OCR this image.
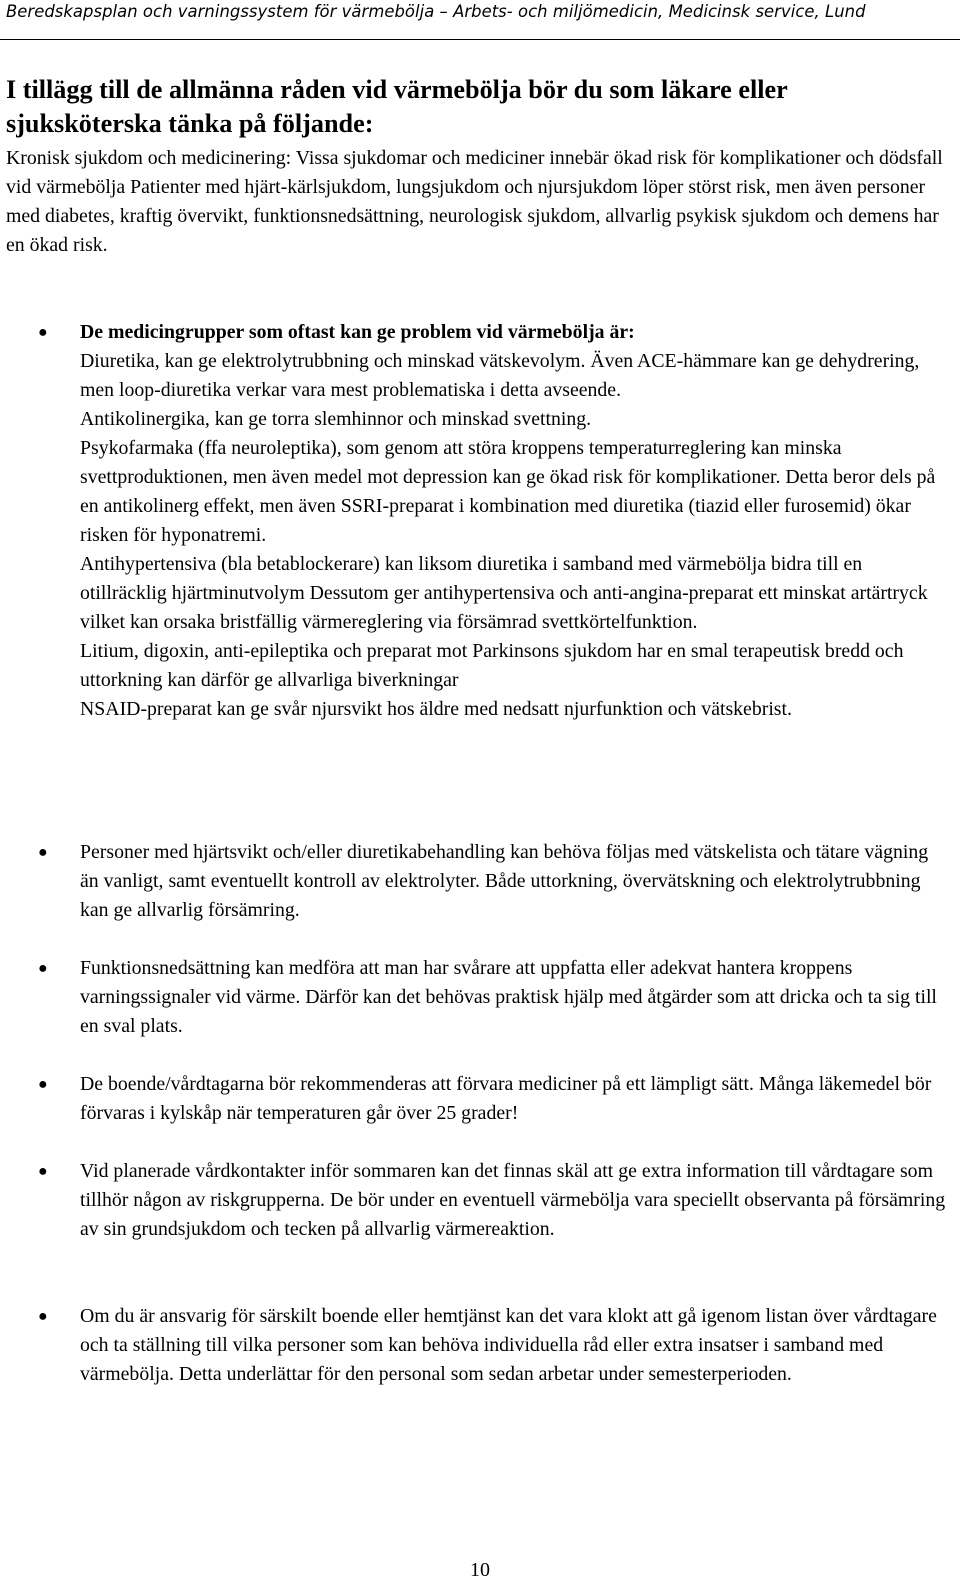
Beredskapsplan och varningssystem för värmebölja – Arbets- och miljömedicin, Medicinsk service, Lund
I tillägg till de allmänna råden vid värmebölja bör du som läkare eller sjuksköterska tänka på följande:

Kronisk sjukdom och medicinering: Vissa sjukdomar och mediciner innebär ökad risk för komplikationer och dödsfall vid värmebölja Patienter med hjärt-kärlsjukdom, lungsjukdom och njursjukdom löper störst risk, men även personer med diabetes, kraftig övervikt, funktionsnedsättning, neurologisk sjukdom, allvarlig psykisk sjukdom och demens har en ökad risk.

● De medicingrupper som oftast kan ge problem vid värmebölja är:

Diuretika, kan ge elektrolytrubbning och minskad vätskevolym. Även ACE-hämmare kan ge dehydrering, men loop-diuretika verkar vara mest problematiska i detta avseende.

Antikolinergika, kan ge torra slemhinnor och minskad svettning.

Psykofarmaka (ffa neuroleptika), som genom att störa kroppens temperaturreglering kan minska svettproduktionen, men även medel mot depression kan ge ökad risk för komplikationer. Detta beror dels på en antikolinerg effekt, men även SSRI-preparat i kombination med diuretika (tiazid eller furosemid) ökar risken för hyponatremi.

Antihypertensiva (bla betablockerare) kan liksom diuretika i samband med värmebölja bidra till en otillräcklig hjärtminutvolym Dessutom ger antihypertensiva och anti-angina-preparat ett minskat artärtryck vilket kan orsaka bristfällig värmereglering via försämrad svettkörtelfunktion.

Litium, digoxin, anti-epileptika och preparat mot Parkinsons sjukdom har en smal terapeutisk bredd och uttorkning kan därför ge allvarliga biverkningar

NSAID-preparat kan ge svår njursvikt hos äldre med nedsatt njurfunktion och vätskebrist.

● Personer med hjärtsvikt och/eller diuretikabehandling kan behöva följas med vätskelista och tätare vägning än vanligt, samt eventuellt kontroll av elektrolyter. Både uttorkning, övervätskning och elektrolytrubbning kan ge allvarlig försämring.

● Funktionsnedsättning kan medföra att man har svårare att uppfatta eller adekvat hantera kroppens varningssignaler vid värme. Därför kan det behövas praktisk hjälp med åtgärder som att dricka och ta sig till en sval plats.

● De boende/vårdtagarna bör rekommenderas att förvara mediciner på ett lämpligt sätt. Många läkemedel bör förvaras i kylskåp när temperaturen går över 25 grader!

● Vid planerade vårdkontakter inför sommaren kan det finnas skäl att ge extra information till vårdtagare som tillhör någon av riskgrupperna. De bör under en eventuell värmebölja vara speciellt observanta på försämring av sin grundsjukdom och tecken på allvarlig värmereaktion.

● Om du är ansvarig för särskilt boende eller hemtjänst kan det vara klokt att gå igenom listan över vårdtagare och ta ställning till vilka personer som kan behöva individuella råd eller extra insatser i samband med värmebölja. Detta underlättar för den personal som sedan arbetar under semesterperioden.

10
